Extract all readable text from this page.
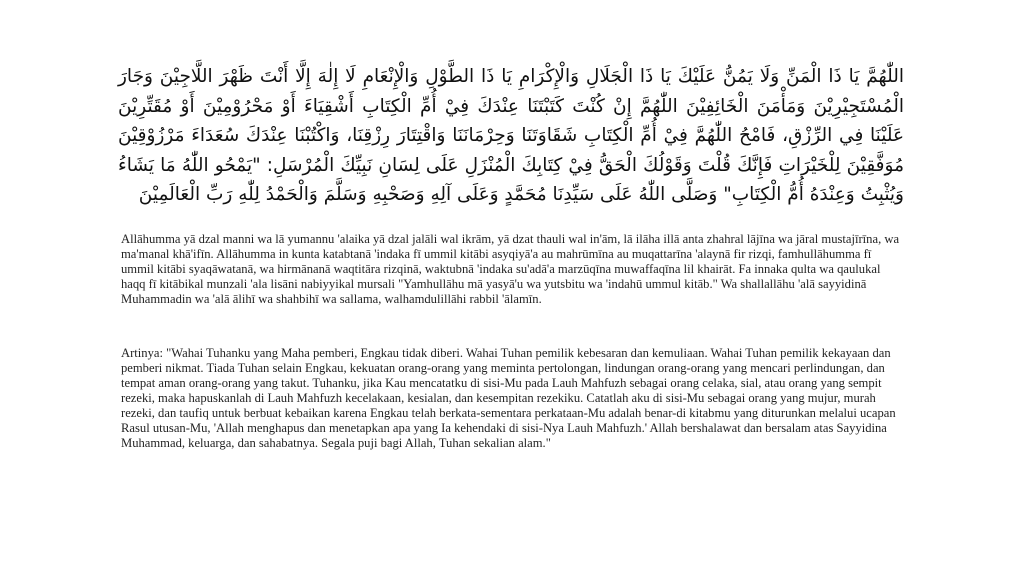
اللّٰهُمَّ يَا ذَا الْمَنِّ وَلَا يَمُنُّ عَلَيْكَ يَا ذَا الْجَلَالِ وَالْإِكْرَامِ يَا ذَا الطَّوْلِ وَالْإِنْعَامِ لَا إِلٰهَ إِلَّا أَنْتَ ظَهْرَ اللَّاجِيْنَ وَجَارَ الْمُسْتَجِيْرِيْنَ وَمَأْمَنَ الْخَائِفِيْنَ اللّٰهُمَّ إِنْ كُنْتَ كَتَبْتَنَا عِنْدَكَ فِيْ أُمِّ الْكِتَابِ أَشْقِيَاءَ أَوْ مَحْرُوْمِيْنَ أَوْ مُقَتِّرِيْنَ عَلَيْنَا فِي الرِّزْقِ، فَامْحُ اللّٰهُمَّ فِيْ أُمِّ الْكِتَابِ شَقَاوَتَنَا وَحِرْمَانَنَا وَاقْتِتَارَ رِزْقِنَا، وَاكْتُبْنَا عِنْدَكَ سُعَدَاءَ مَرْزُوْقِيْنَ مُوَفَّقِيْنَ لِلْخَيْرَاتِ فَإِنَّكَ قُلْتَ وَقَوْلُكَ الْحَقُّ فِيْ كِتَابِكَ الْمُنْزَلِ عَلَى لِسَانِ نَبِيِّكَ الْمُرْسَلِ: "يَمْحُو اللّٰهُ مَا يَشَاءُ وَيُثْبِتُ وَعِنْدَهُ أُمُّ الْكِتَابِ" وَصَلَّى اللّٰهُ عَلَى سَيِّدِنَا مُحَمَّدٍ وَعَلَى آلِهِ وَصَحْبِهِ وَسَلَّمَ وَالْحَمْدُ لِلّٰهِ رَبِّ الْعَالَمِيْنَ

Allāhumma yā dzal manni wa lā yumannu 'alaika yā dzal jalāli wal ikrām, yā dzat thauli wal in'ām, lā ilāha illā anta zhahral lājīna wa jāral mustajīrīna, wa ma'manal khā'ifīn. Allāhumma in kunta katabtanā 'indaka fī ummil kitābi asyqiyā'a au mahrūmīna au muqattarīna 'alaynā fir rizqi, famhullāhumma fī ummil kitābi syaqāwatanā, wa hirmānanā waqtitāra rizqinā, waktubnā 'indaka su'adā'a marzūqīna muwaffaqīna lil khairāt. Fa innaka qulta wa qaulukal haqq fī kitābikal munzali 'ala lisāni nabiyyikal mursali "Yamhullāhu mā yasyā'u wa yutsbitu wa 'indahū ummul kitāb." Wa shallallāhu 'alā sayyidinā Muhammadin wa 'alā ālihī wa shahbihī wa sallama, walhamdulillāhi rabbil 'ālamīn.

Artinya: "Wahai Tuhanku yang Maha pemberi, Engkau tidak diberi. Wahai Tuhan pemilik kebesaran dan kemuliaan. Wahai Tuhan pemilik kekayaan dan pemberi nikmat. Tiada Tuhan selain Engkau, kekuatan orang-orang yang meminta pertolongan, lindungan orang-orang yang mencari perlindungan, dan tempat aman orang-orang yang takut. Tuhanku, jika Kau mencatatku di sisi-Mu pada Lauh Mahfuzh sebagai orang celaka, sial, atau orang yang sempit rezeki, maka hapuskanlah di Lauh Mahfuzh kecelakaan, kesialan, dan kesempitan rezekiku. Catatlah aku di sisi-Mu sebagai orang yang mujur, murah rezeki, dan taufiq untuk berbuat kebaikan karena Engkau telah berkata-sementara perkataan-Mu adalah benar-di kitabmu yang diturunkan melalui ucapan Rasul utusan-Mu, 'Allah menghapus dan menetapkan apa yang Ia kehendaki di sisi-Nya Lauh Mahfuzh.' Allah bershalawat dan bersalam atas Sayyidina Muhammad, keluarga, dan sahabatnya. Segala puji bagi Allah, Tuhan sekalian alam."
